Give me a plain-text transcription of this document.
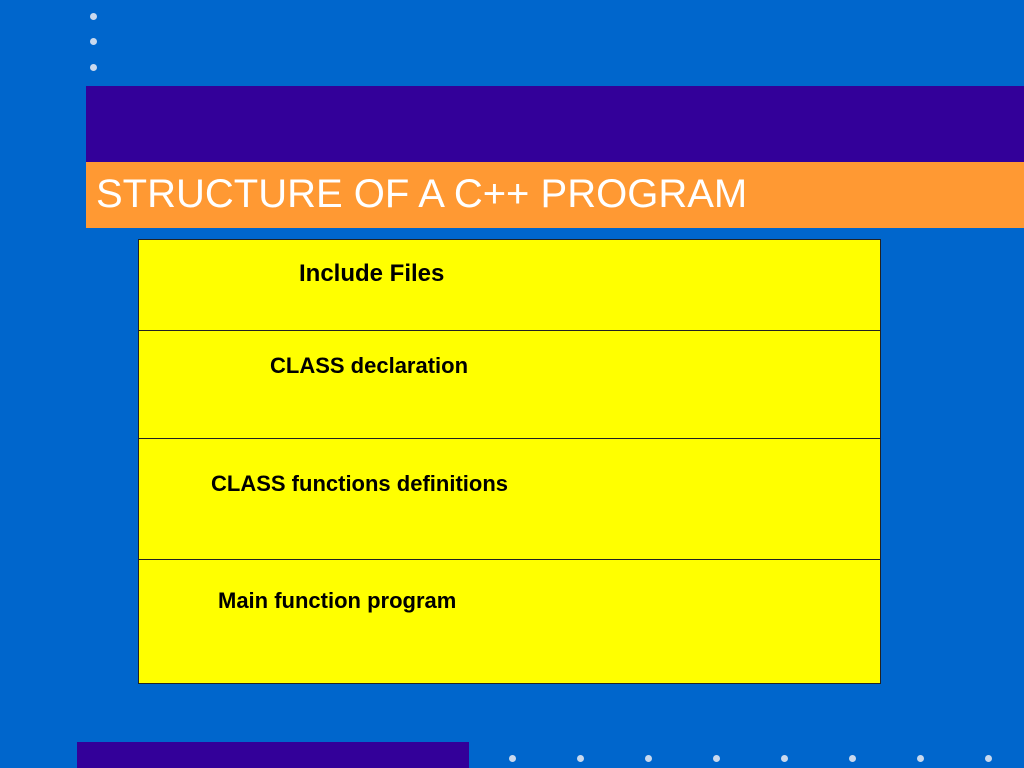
STRUCTURE OF A C++ PROGRAM
Include Files
CLASS declaration
CLASS functions definitions
Main function program
